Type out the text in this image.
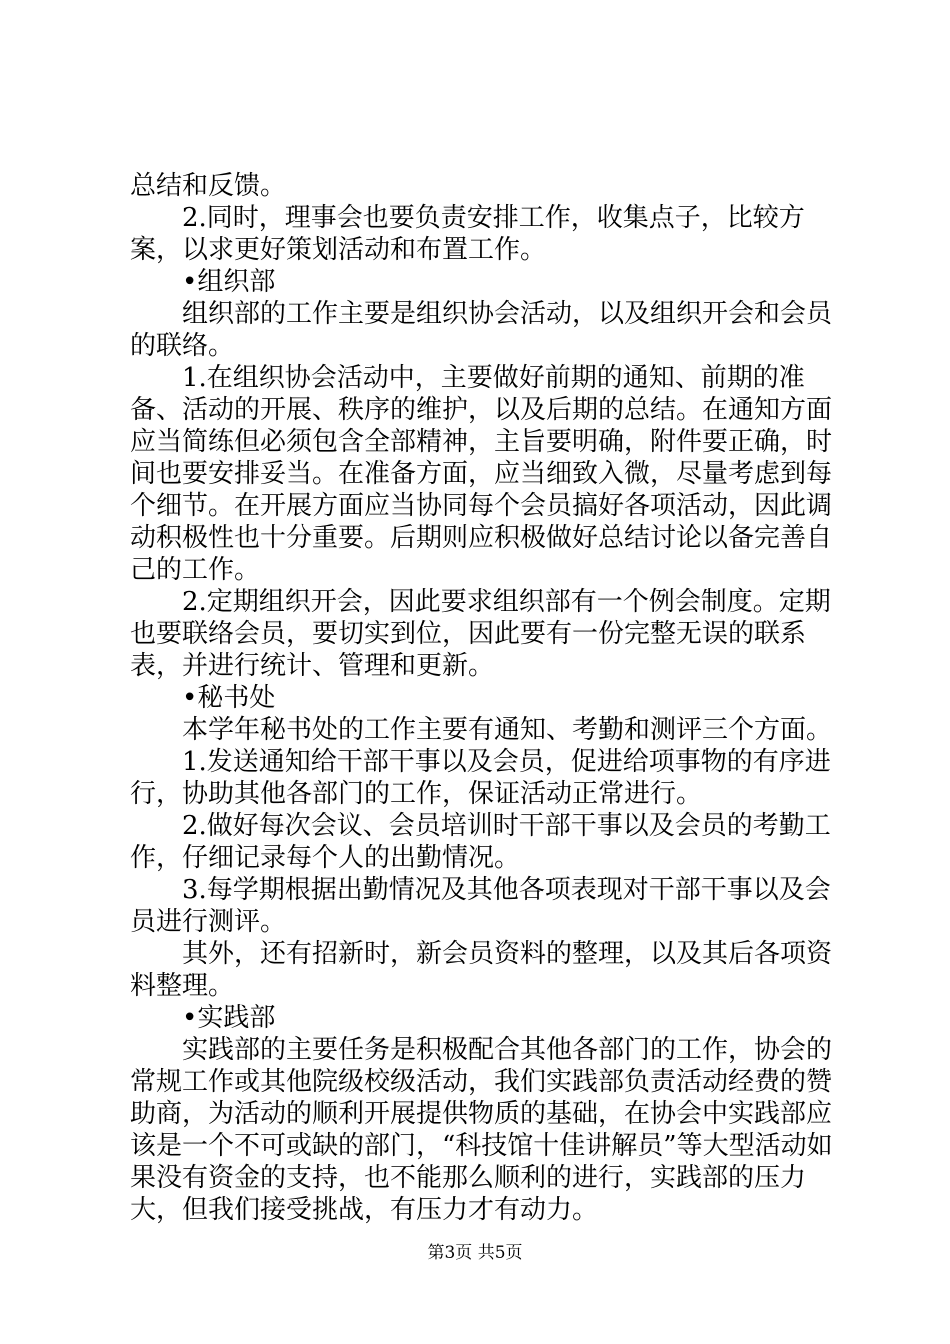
总结和反馈。

2.同时，理事会也要负责安排工作，收集点子，比较方案，以求更好策划活动和布置工作。

•组织部

组织部的工作主要是组织协会活动，以及组织开会和会员的联络。

1.在组织协会活动中，主要做好前期的通知、前期的准备、活动的开展、秩序的维护，以及后期的总结。在通知方面应当简练但必须包含全部精神，主旨要明确，附件要正确，时间也要安排妥当。在准备方面，应当细致入微，尽量考虑到每个细节。在开展方面应当协同每个会员搞好各项活动，因此调动积极性也十分重要。后期则应积极做好总结讨论以备完善自己的工作。

2.定期组织开会，因此要求组织部有一个例会制度。定期也要联络会员，要切实到位，因此要有一份完整无误的联系表，并进行统计、管理和更新。

•秘书处

本学年秘书处的工作主要有通知、考勤和测评三个方面。

1.发送通知给干部干事以及会员，促进给项事物的有序进行，协助其他各部门的工作，保证活动正常进行。

2.做好每次会议、会员培训时干部干事以及会员的考勤工作，仔细记录每个人的出勤情况。

3.每学期根据出勤情况及其他各项表现对干部干事以及会员进行测评。

其外，还有招新时，新会员资料的整理，以及其后各项资料整理。

•实践部

实践部的主要任务是积极配合其他各部门的工作，协会的常规工作或其他院级校级活动，我们实践部负责活动经费的赞助商，为活动的顺利开展提供物质的基础，在协会中实践部应该是一个不可或缺的部门，“科技馆十佳讲解员”等大型活动如果没有资金的支持，也不能那么顺利的进行，实践部的压力大，但我们接受挑战，有压力才有动力。

第3页 共5页
